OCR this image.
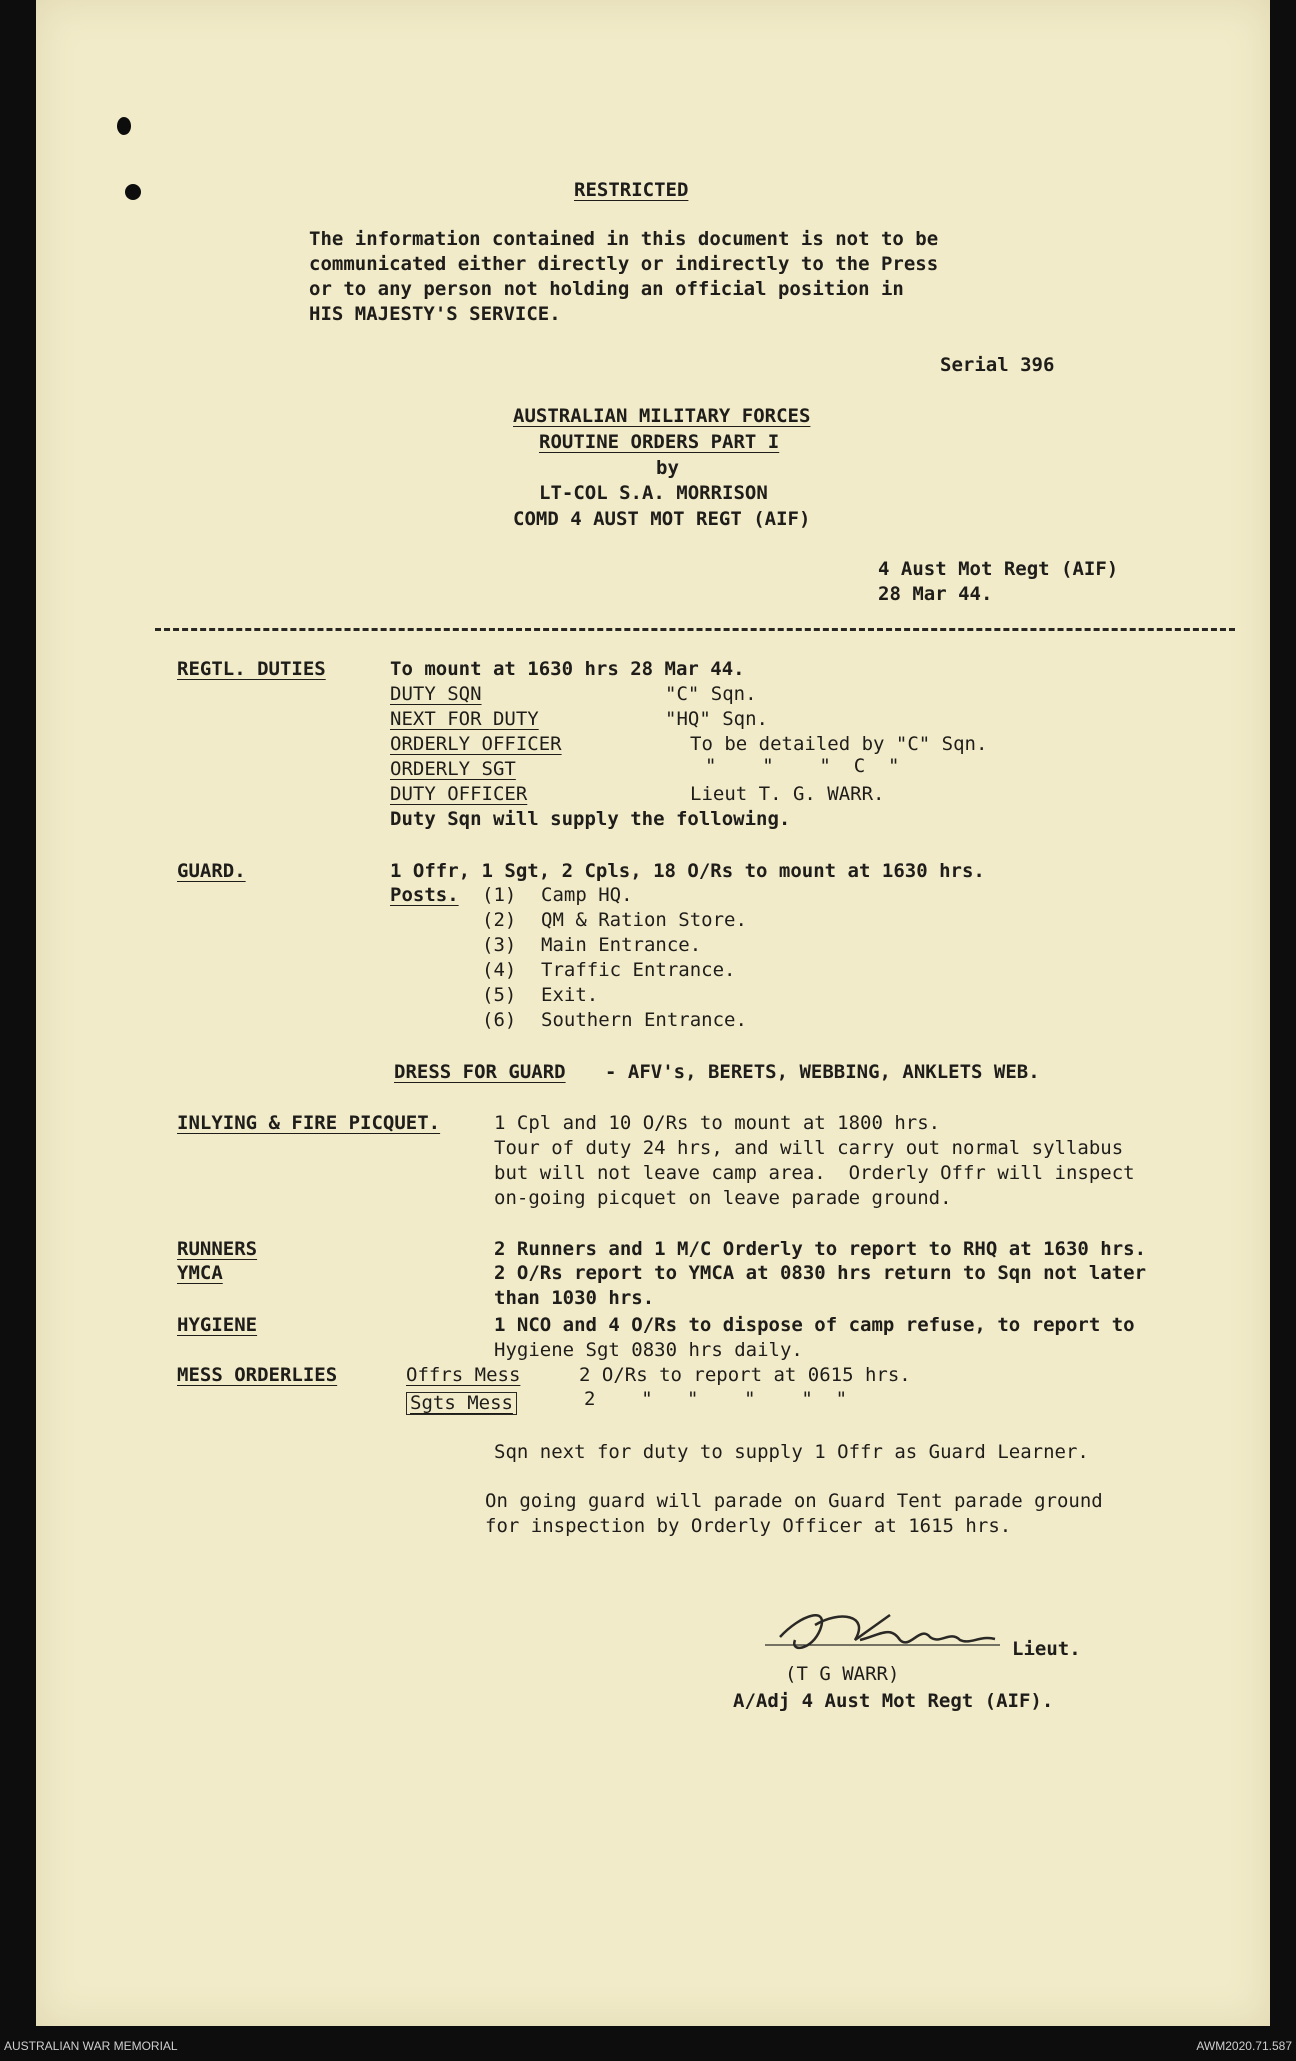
RESTRICTED
The information contained in this document is not to be
communicated either directly or indirectly to the Press
or to any person not holding an official position in
HIS MAJESTY'S SERVICE.
Serial 396
AUSTRALIAN MILITARY FORCES
ROUTINE ORDERS PART I
by
LT-COL S.A. MORRISON
COMD 4 AUST MOT REGT (AIF)
4 Aust Mot Regt (AIF)
28 Mar 44.
REGTL. DUTIES	To mount at 1630 hrs 28 Mar 44.
DUTY SQN	"C" Sqn.
NEXT FOR DUTY	"HQ" Sqn.
ORDERLY OFFICER	To be detailed by "C" Sqn.
ORDERLY SGT	"    "    "  C  "
DUTY OFFICER	Lieut T. G. WARR.
Duty Sqn will supply the following.
GUARD.	1 Offr, 1 Sgt, 2 Cpls, 18 O/Rs to mount at 1630 hrs.
Posts. (1) Camp HQ.
(2) QM & Ration Store.
(3) Main Entrance.
(4) Traffic Entrance.
(5) Exit.
(6) Southern Entrance.
DRESS FOR GUARD - AFV's, BERETS, WEBBING, ANKLETS WEB.
INLYING & FIRE PICQUET.	1 Cpl and 10 O/Rs to mount at 1800 hrs.
Tour of duty 24 hrs, and will carry out normal syllabus
but will not leave camp area.  Orderly Offr will inspect
on-going picquet on leave parade ground.
RUNNERS	2 Runners and 1 M/C Orderly to report to RHQ at 1630 hrs.
YMCA	2 O/Rs report to YMCA at 0830 hrs return to Sqn not later
than 1030 hrs.
HYGIENE	1 NCO and 4 O/Rs to dispose of camp refuse, to report to
Hygiene Sgt 0830 hrs daily.
MESS ORDERLIES	Offrs Mess	2 O/Rs to report at 0615 hrs.
Sgts Mess	2    "   "    "    "  "
Sqn next for duty to supply 1 Offr as Guard Learner.
On going guard will parade on Guard Tent parade ground
for inspection by Orderly Officer at 1615 hrs.
Lieut.
(T G WARR)
A/Adj 4 Aust Mot Regt (AIF).
AUSTRALIAN WAR MEMORIAL	AWM2020.71.587
